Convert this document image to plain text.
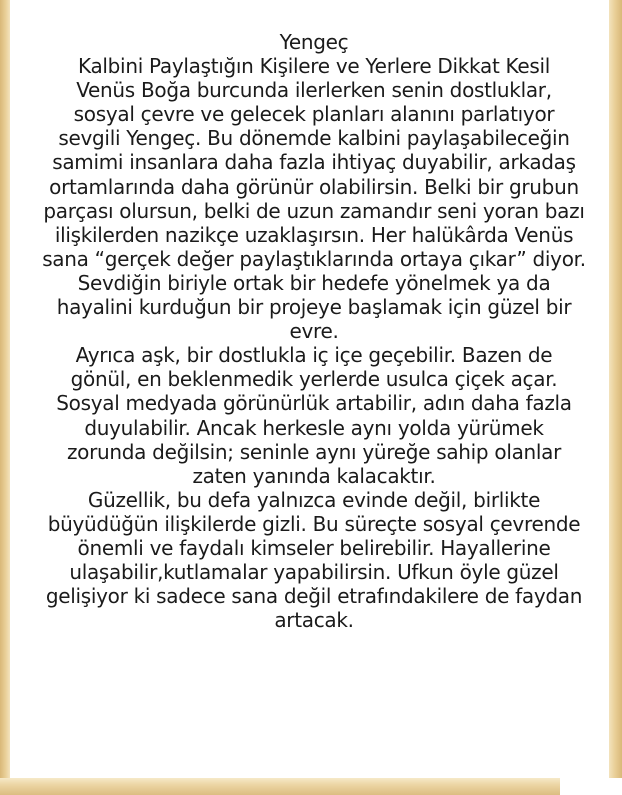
Yengeç
Kalbini Paylaştığın Kişilere ve Yerlere Dikkat Kesil
Venüs Boğa burcunda ilerlerken senin dostluklar,
sosyal çevre ve gelecek planları alanını parlatıyor
sevgili Yengeç. Bu dönemde kalbini paylaşabileceğin
samimi insanlara daha fazla ihtiyaç duyabilir, arkadaş
ortamlarında daha görünür olabilirsin. Belki bir grubun
parçası olursun, belki de uzun zamandır seni yoran bazı
ilişkilerden nazikçe uzaklaşırsın. Her halükârda Venüs
sana “gerçek değer paylaştıklarında ortaya çıkar” diyor.
Sevdiğin biriyle ortak bir hedefe yönelmek ya da
hayalini kurduğun bir projeye başlamak için güzel bir
evre.
Ayrıca aşk, bir dostlukla iç içe geçebilir. Bazen de
gönül, en beklenmedik yerlerde usulca çiçek açar.
Sosyal medyada görünürlük artabilir, adın daha fazla
duyulabilir. Ancak herkesle aynı yolda yürümek
zorunda değilsin; seninle aynı yüreğe sahip olanlar
zaten yanında kalacaktır.
Güzellik, bu defa yalnızca evinde değil, birlikte
büyüdüğün ilişkilerde gizli. Bu süreçte sosyal çevrende
önemli ve faydalı kimseler belirebilir. Hayallerine
ulaşabilir,kutlamalar yapabilirsin. Ufkun öyle güzel
gelişiyor ki sadece sana değil etrafındakilere de faydan
artacak.
